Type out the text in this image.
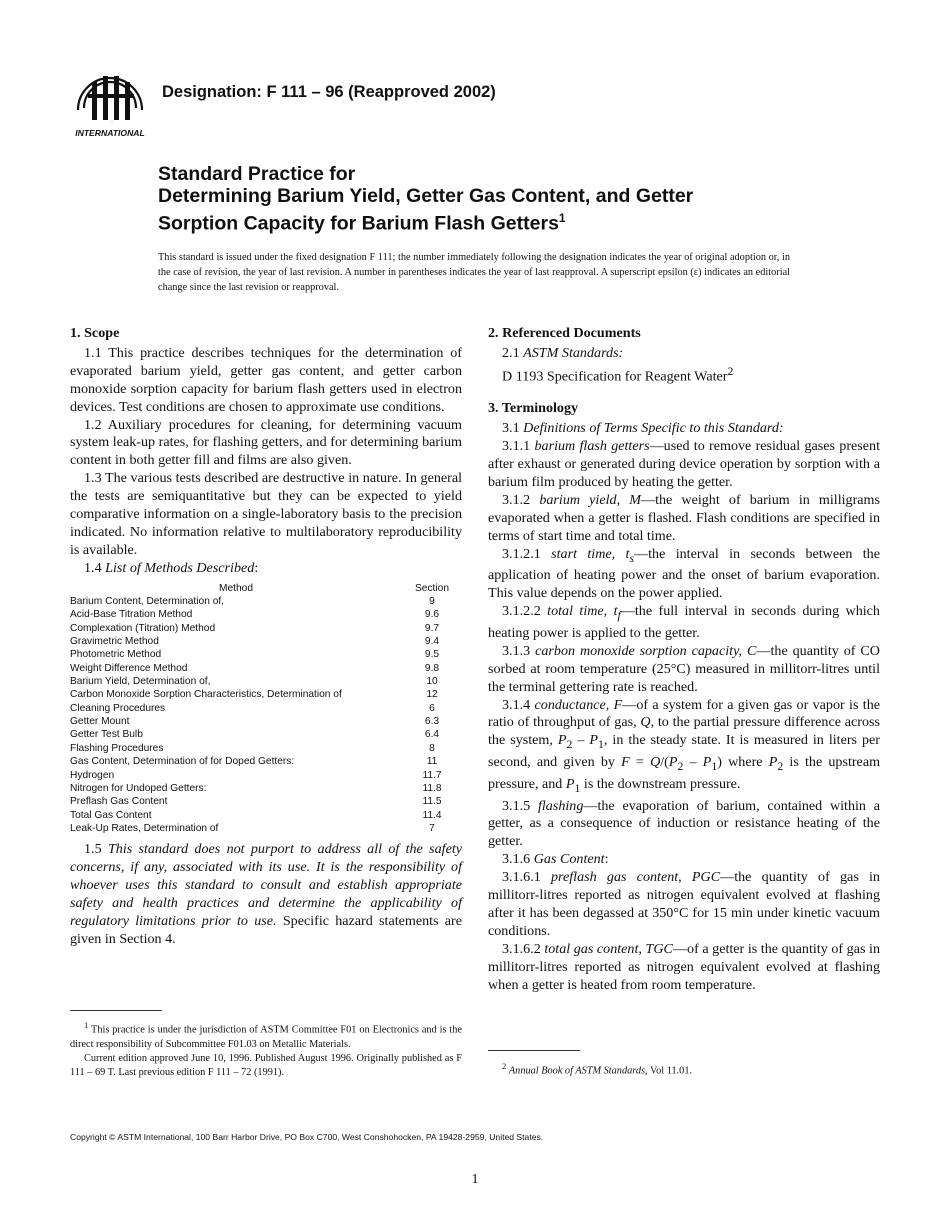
ASTM
INTERNATIONAL
Designation: F 111 – 96 (Reapproved 2002)
Standard Practice for
Determining Barium Yield, Getter Gas Content, and Getter
Sorption Capacity for Barium Flash Getters$^1$
This standard is issued under the fixed designation F 111; the number immediately following the designation indicates the year of original adoption or, in the case of revision, the year of last revision. A number in parentheses indicates the year of last reapproval. A superscript epsilon (ε) indicates an editorial change since the last revision or reapproval.

1. Scope

1.1 This practice describes techniques for the determination of evaporated barium yield, getter gas content, and getter carbon monoxide sorption capacity for barium flash getters used in electron devices. Test conditions are chosen to approximate use conditions.

1.2 Auxiliary procedures for cleaning, for determining vacuum system leak-up rates, for flashing getters, and for determining barium content in both getter fill and films are also given.

1.3 The various tests described are destructive in nature. In general the tests are semiquantitative but they can be expected to yield comparative information on a single-laboratory basis to the precision indicated. No information relative to multilaboratory reproducibility is available.

1.4 List of Methods Described:

Method	Section
Barium Content, Determination of,	9
Acid-Base Titration Method	9.6
Complexation (Titration) Method	9.7
Gravimetric Method	9.4
Photometric Method	9.5
Weight Difference Method	9.8
Barium Yield, Determination of,	10
Carbon Monoxide Sorption Characteristics, Determination of	12
Cleaning Procedures	6
Getter Mount	6.3
Getter Test Bulb	6.4
Flashing Procedures	8
Gas Content, Determination of for Doped Getters:	11
Hydrogen	11.7
Nitrogen for Undoped Getters:	11.8
Preflash Gas Content	11.5
Total Gas Content	11.4
Leak-Up Rates, Determination of	7

1.5 This standard does not purport to address all of the safety concerns, if any, associated with its use. It is the responsibility of whoever uses this standard to consult and establish appropriate safety and health practices and determine the applicability of regulatory limitations prior to use. Specific hazard statements are given in Section 4.

2. Referenced Documents

2.1 ASTM Standards:

D 1193 Specification for Reagent Water$^2$

3. Terminology

3.1 Definitions of Terms Specific to this Standard:

3.1.1 barium flash getters—used to remove residual gases present after exhaust or generated during device operation by sorption with a barium film produced by heating the getter.

3.1.2 barium yield, M—the weight of barium in milligrams evaporated when a getter is flashed. Flash conditions are specified in terms of start time and total time.

3.1.2.1 start time, $t_s—the$ interval in seconds between the application of heating power and the onset of barium evaporation. This value depends on the power applied.

3.1.2.2 total time, $t_f—the$ full interval in seconds during which heating power is applied to the getter.

3.1.3 carbon monoxide sorption capacity, C—the quantity of CO sorbed at room temperature (25°C) measured in millitorr-litres until the terminal gettering rate is reached.

3.1.4 conductance, F—of a system for a given gas or vapor is the ratio of throughput of gas, Q, to the partial pressure difference across the system, $P_2 - P_1$, in the steady state. It is measured in liters per second, and given by $F = Q/(P_2 - P_1)$ where $P_2$ is the upstream pressure, and $P_1$ is the downstream pressure.

3.1.5 flashing—the evaporation of barium, contained within a getter, as a consequence of induction or resistance heating of the getter.

3.1.6 Gas Content:

3.1.6.1 preflash gas content, PGC—the quantity of gas in millitorr-litres reported as nitrogen equivalent evolved at flashing after it has been degassed at 350°C for 15 min under kinetic vacuum conditions.

3.1.6.2 total gas content, TGC—of a getter is the quantity of gas in millitorr-litres reported as nitrogen equivalent evolved at flashing when a getter is heated from room temperature.

$^1$ This practice is under the jurisdiction of ASTM Committee F01 on Electronics and is the direct responsibility of Subcommittee F01.03 on Metallic Materials.
Current edition approved June 10, 1996. Published August 1996. Originally published as F 111 – 69 T. Last previous edition F 111 – 72 (1991).
$^2$ Annual Book of ASTM Standards, Vol 11.01.
Copyright © ASTM International, 100 Barr Harbor Drive, PO Box C700, West Conshohocken, PA 19428-2959, United States.
1
